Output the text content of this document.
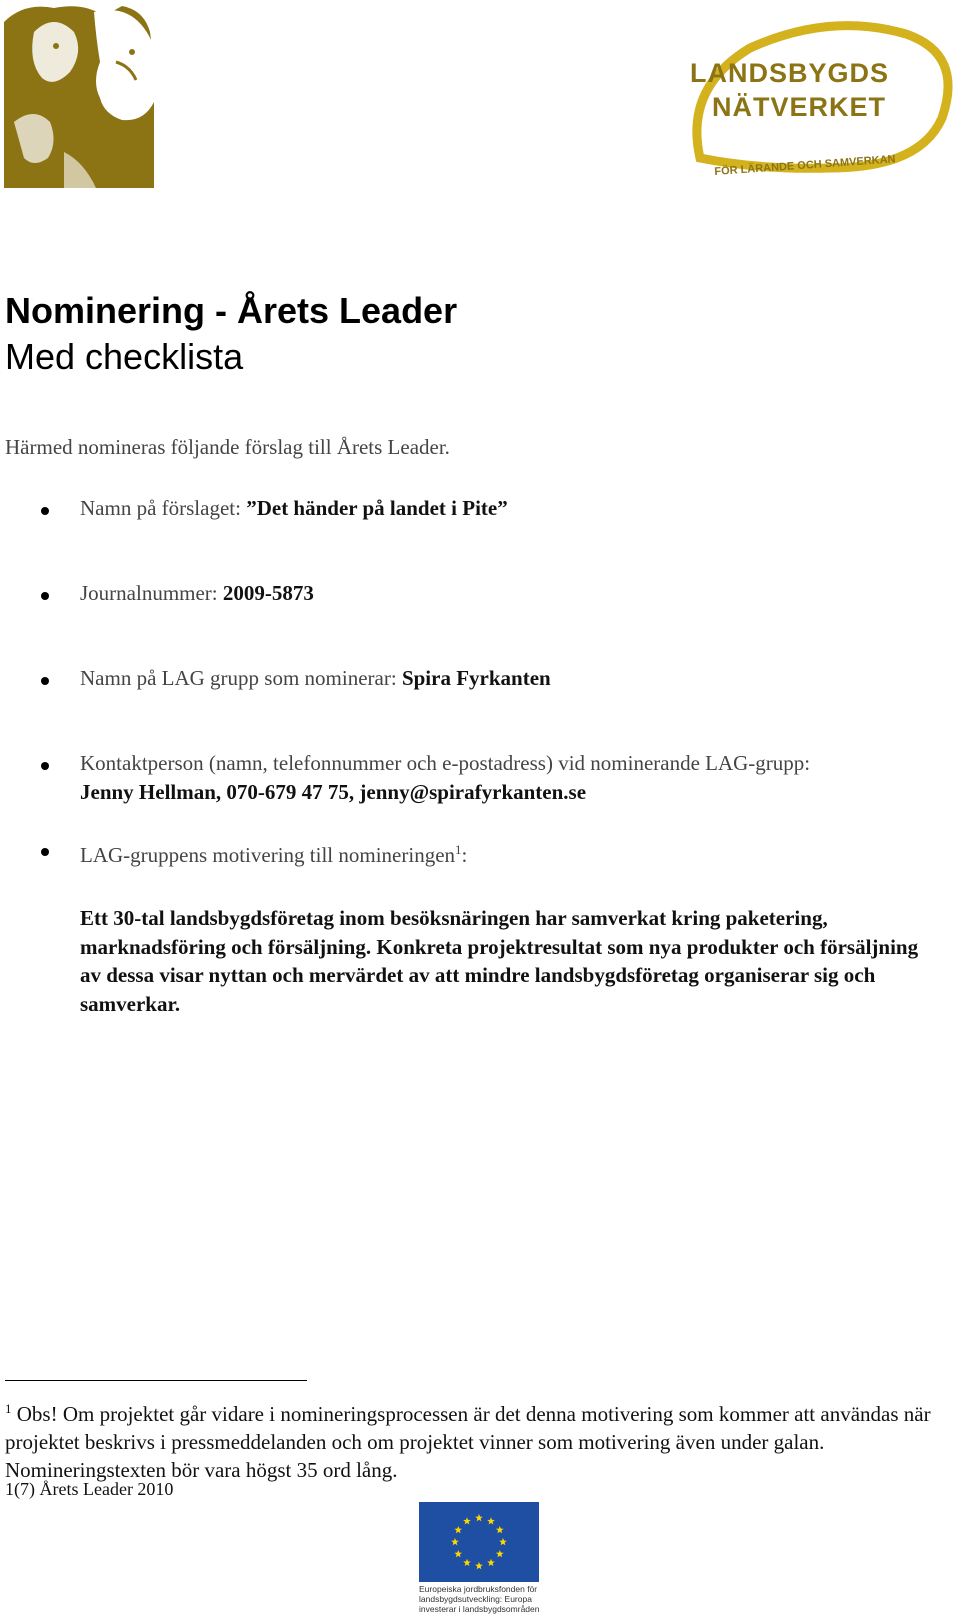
LANDSBYGDS
NÄTVERKET
FÖR LÄRANDE OCH SAMVERKAN
Nominering - Årets Leader
Med checklista
Härmed nomineras följande förslag till Årets Leader.
Namn på förslaget: ”Det händer på landet i Pite”
Journalnummer: 2009-5873
Namn på LAG grupp som nominerar: Spira Fyrkanten
Kontaktperson (namn, telefonnummer och e-postadress) vid nominerande LAG-grupp:
Jenny Hellman, 070-679 47 75, jenny@spirafyrkanten.se
LAG-gruppens motivering till nomineringen$^1$:
Ett 30-tal landsbygdsföretag inom besöksnäringen har samverkat kring paketering, marknadsföring och försäljning. Konkreta projektresultat som nya produkter och försäljning av dessa visar nyttan och mervärdet av att mindre landsbygdsföretag organiserar sig och samverkar.
$^1$ Obs! Om projektet går vidare i nomineringsprocessen är det denna motivering som kommer att användas när projektet beskrivs i pressmeddelanden och om projektet vinner som motivering även under galan. Nomineringstexten bör vara högst 35 ord lång.
1(7) Årets Leader 2010
Europeiska jordbruksfonden för
landsbygdsutveckling: Europa
investerar i landsbygdsområden
